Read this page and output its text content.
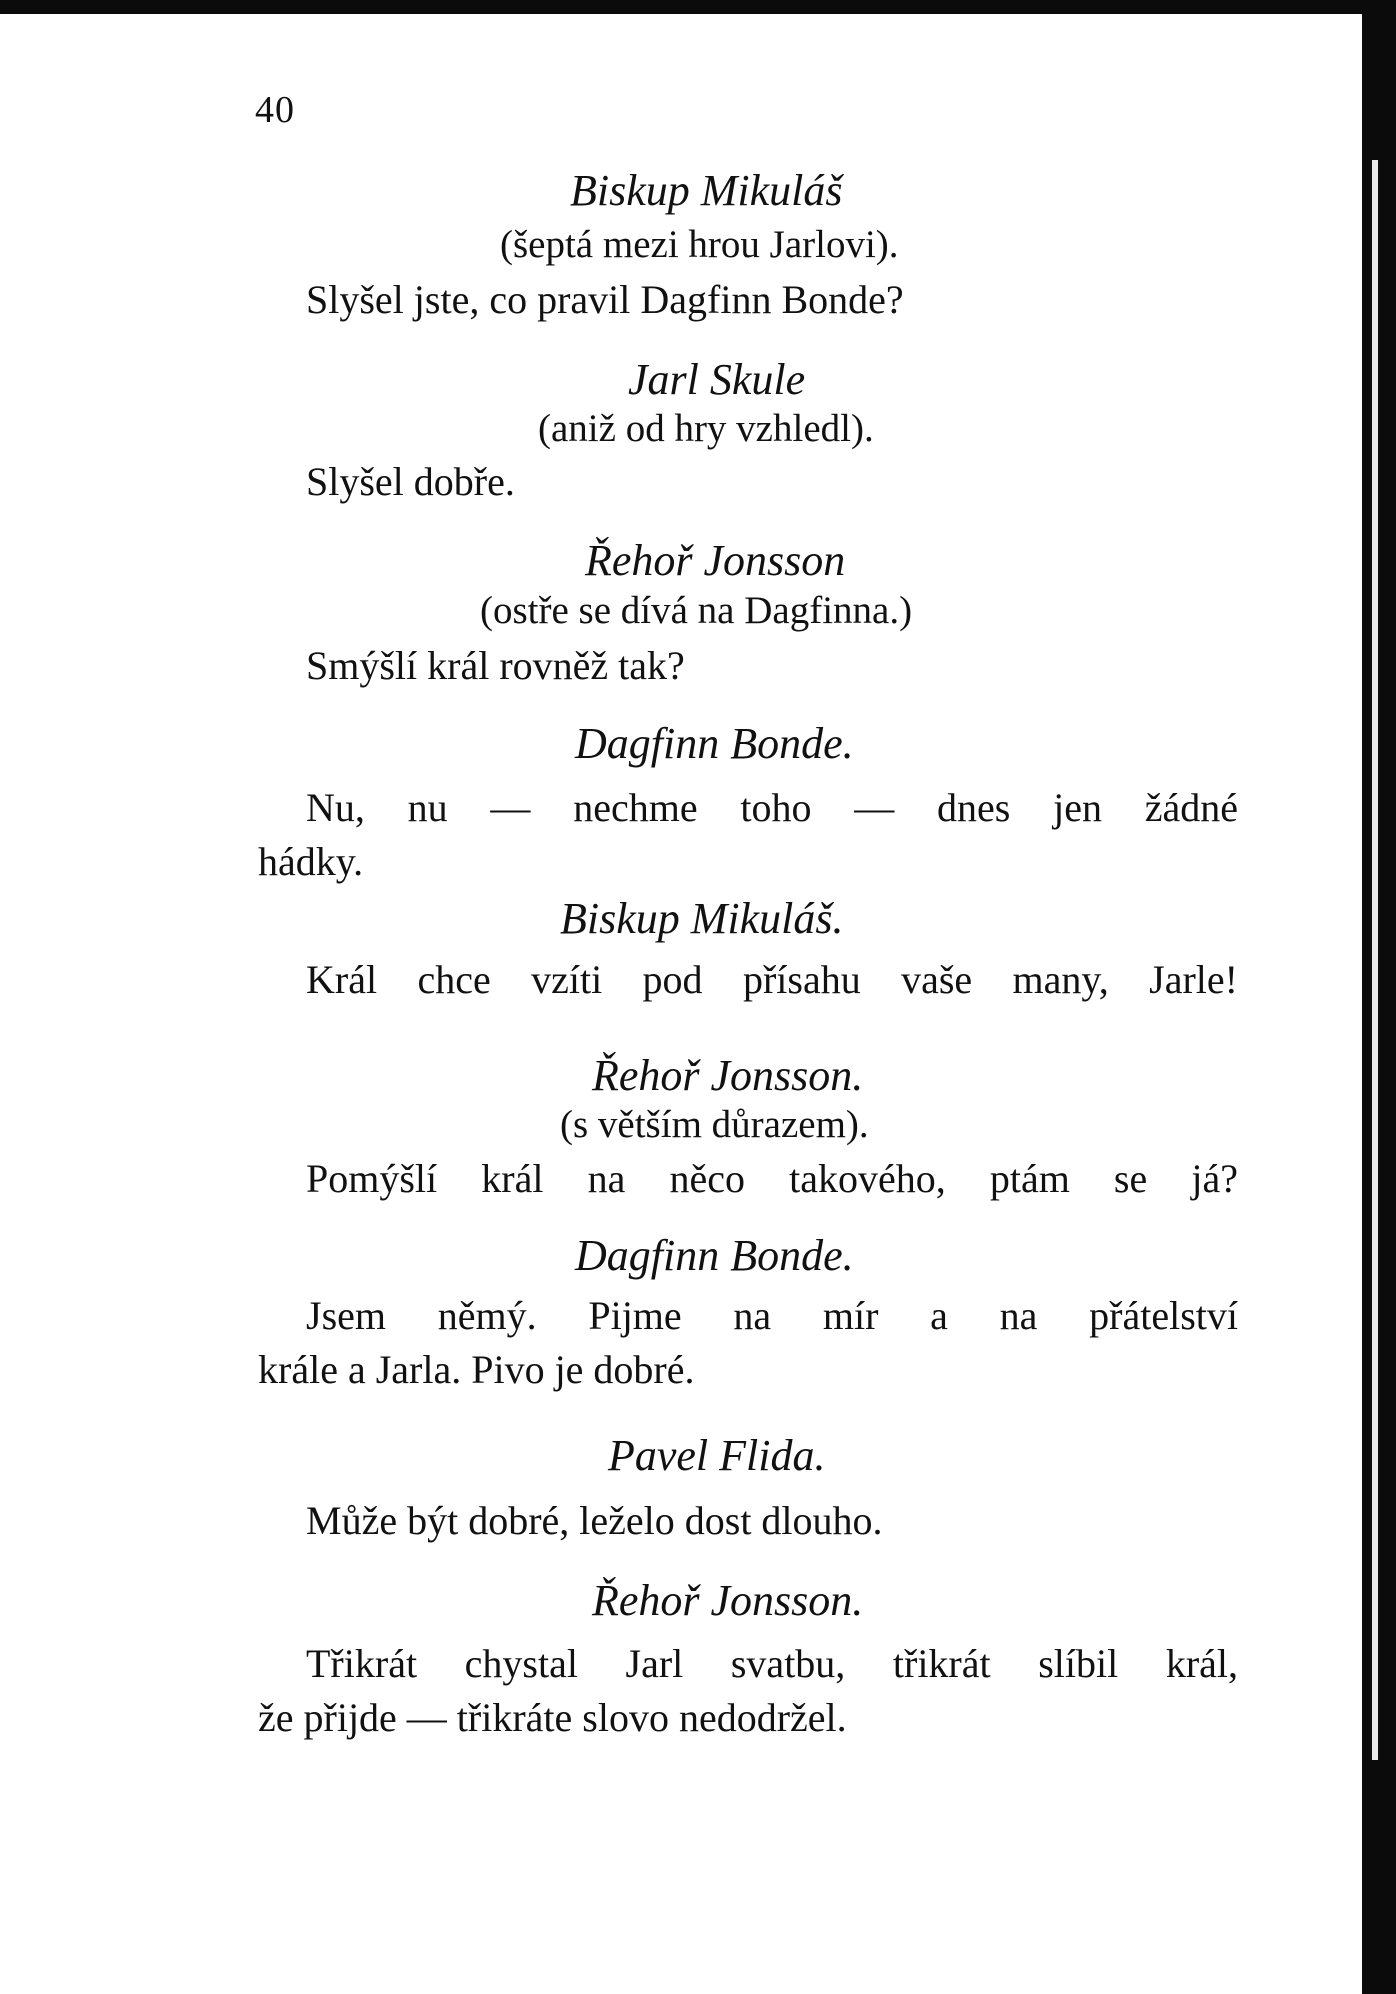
40
Biskup Mikuláš
(šeptá mezi hrou Jarlovi).
Slyšel jste, co pravil Dagfinn Bonde?
Jarl Skule
(aniž od hry vzhledl).
Slyšel dobře.
Řehoř Jonsson
(ostře se dívá na Dagfinna.)
Smýšlí král rovněž tak?
Dagfinn Bonde.
Nu, nu — nechme toho — dnes jen žádné
hádky.
Biskup Mikuláš.
Král chce vzíti pod přísahu vaše many, Jarle!
Řehoř Jonsson.
(s větším důrazem).
Pomýšlí král na něco takového, ptám se já?
Dagfinn Bonde.
Jsem němý. Pijme na mír a na přátelství
krále a Jarla. Pivo je dobré.
Pavel Flida.
Může být dobré, leželo dost dlouho.
Řehoř Jonsson.
Třikrát chystal Jarl svatbu, třikrát slíbil král,
že přijde — třikráte slovo nedodržel.
